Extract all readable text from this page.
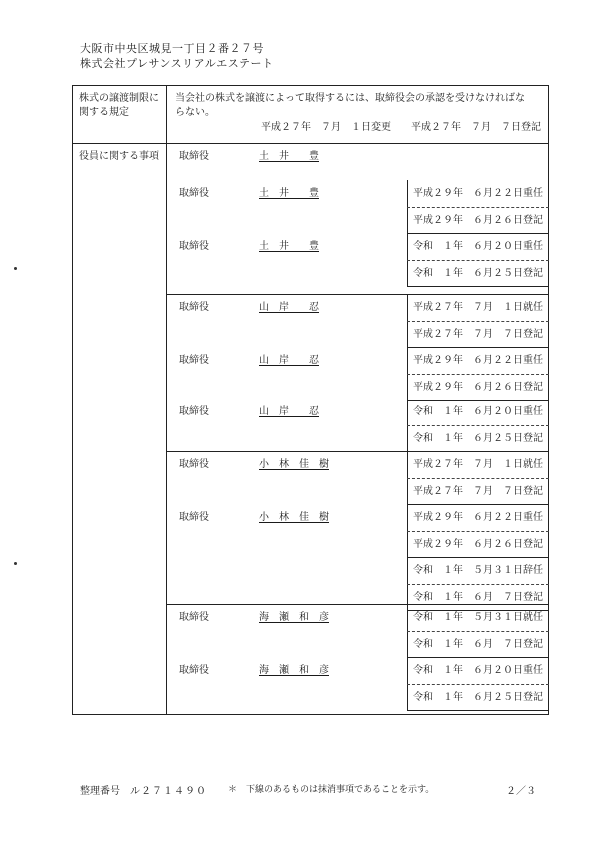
大阪市中央区城見一丁目２番２７号
株式会社プレサンスリアルエステート
株式の譲渡制限に
関する規定
当会社の株式を譲渡によって取得するには、取締役会の承認を受けなければな
らない。
平成２７年　７月　１日変更 平成２７年　７月　７日登記
役員に関する事項 取締役	土　井　　豊
取締役	土　井　　豊	平成２９年　６月２２日重任
平成２９年　６月２６日登記
取締役	土　井　　豊	令和　１年　６月２０日重任
令和　１年　６月２５日登記
取締役	山　岸　　忍	平成２７年　７月　１日就任
平成２７年　７月　７日登記
取締役	山　岸　　忍	平成２９年　６月２２日重任
平成２９年　６月２６日登記
取締役	山　岸　　忍	令和　１年　６月２０日重任
令和　１年　６月２５日登記
取締役	小　林　佳　樹	平成２７年　７月　１日就任
平成２７年　７月　７日登記
取締役	小　林　佳　樹	平成２９年　６月２２日重任
平成２９年　６月２６日登記
令和　１年　５月３１日辞任
令和　１年　６月　７日登記
取締役	海　瀬　和　彦	令和　１年　５月３１日就任
令和　１年　６月　７日登記
取締役	海　瀬　和　彦	令和　１年　６月２０日重任
令和　１年　６月２５日登記
整理番号 ル２７１４９０ ＊　下線のあるものは抹消事項であることを示す。	２／３
